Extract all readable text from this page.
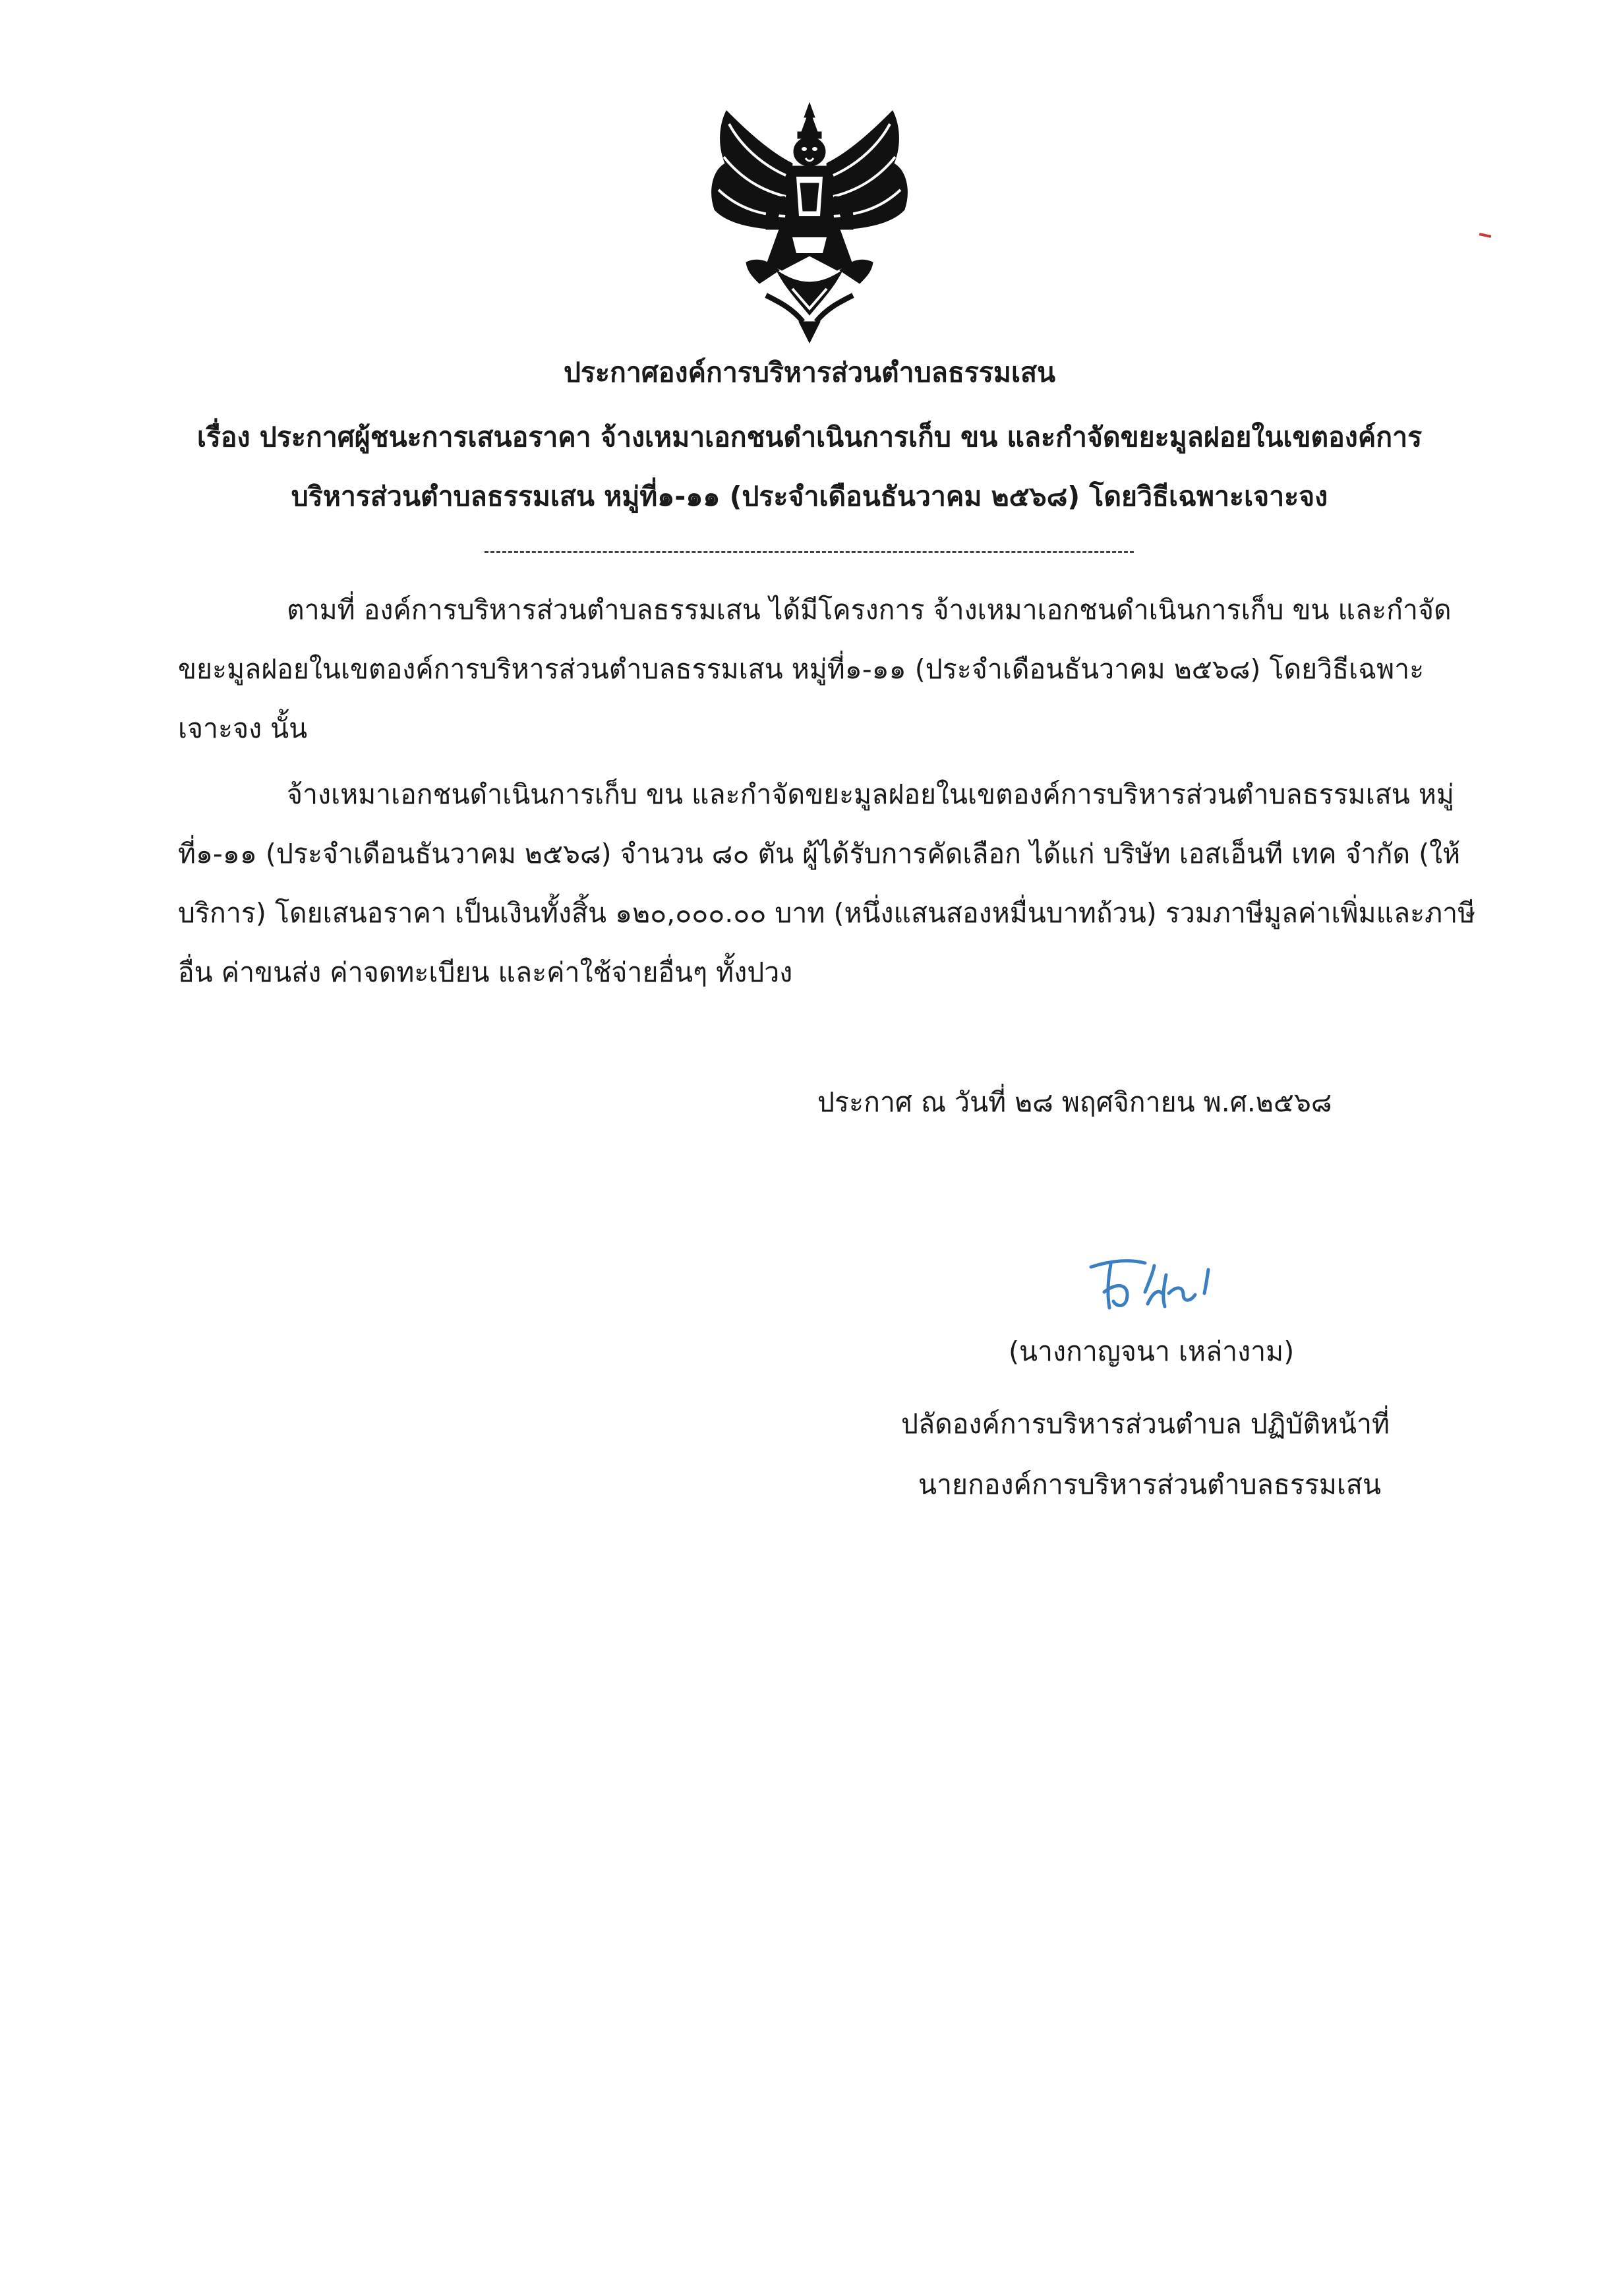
ประกาศองค์การบริหารส่วนตำบลธรรมเสน
เรื่อง ประกาศผู้ชนะการเสนอราคา จ้างเหมาเอกชนดำเนินการเก็บ ขน และกำจัดขยะมูลฝอยในเขตองค์การ
บริหารส่วนตำบลธรรมเสน หมู่ที่๑-๑๑ (ประจำเดือนธันวาคม ๒๕๖๘) โดยวิธีเฉพาะเจาะจง
ตามที่ องค์การบริหารส่วนตำบลธรรมเสน ได้มีโครงการ จ้างเหมาเอกชนดำเนินการเก็บ ขน และกำจัด
ขยะมูลฝอยในเขตองค์การบริหารส่วนตำบลธรรมเสน หมู่ที่๑-๑๑ (ประจำเดือนธันวาคม ๒๕๖๘) โดยวิธีเฉพาะ
เจาะจง นั้น
จ้างเหมาเอกชนดำเนินการเก็บ ขน และกำจัดขยะมูลฝอยในเขตองค์การบริหารส่วนตำบลธรรมเสน หมู่
ที่๑-๑๑ (ประจำเดือนธันวาคม ๒๕๖๘) จำนวน ๘๐ ตัน ผู้ได้รับการคัดเลือก ได้แก่ บริษัท เอสเอ็นที เทค จำกัด (ให้
บริการ) โดยเสนอราคา เป็นเงินทั้งสิ้น ๑๒๐,๐๐๐.๐๐ บาท (หนึ่งแสนสองหมื่นบาทถ้วน) รวมภาษีมูลค่าเพิ่มและภาษี
อื่น ค่าขนส่ง ค่าจดทะเบียน และค่าใช้จ่ายอื่นๆ ทั้งปวง
ประกาศ ณ วันที่ ๒๘ พฤศจิกายน พ.ศ.๒๕๖๘
(นางกาญจนา เหล่างาม)
ปลัดองค์การบริหารส่วนตำบล ปฏิบัติหน้าที่
นายกองค์การบริหารส่วนตำบลธรรมเสน
